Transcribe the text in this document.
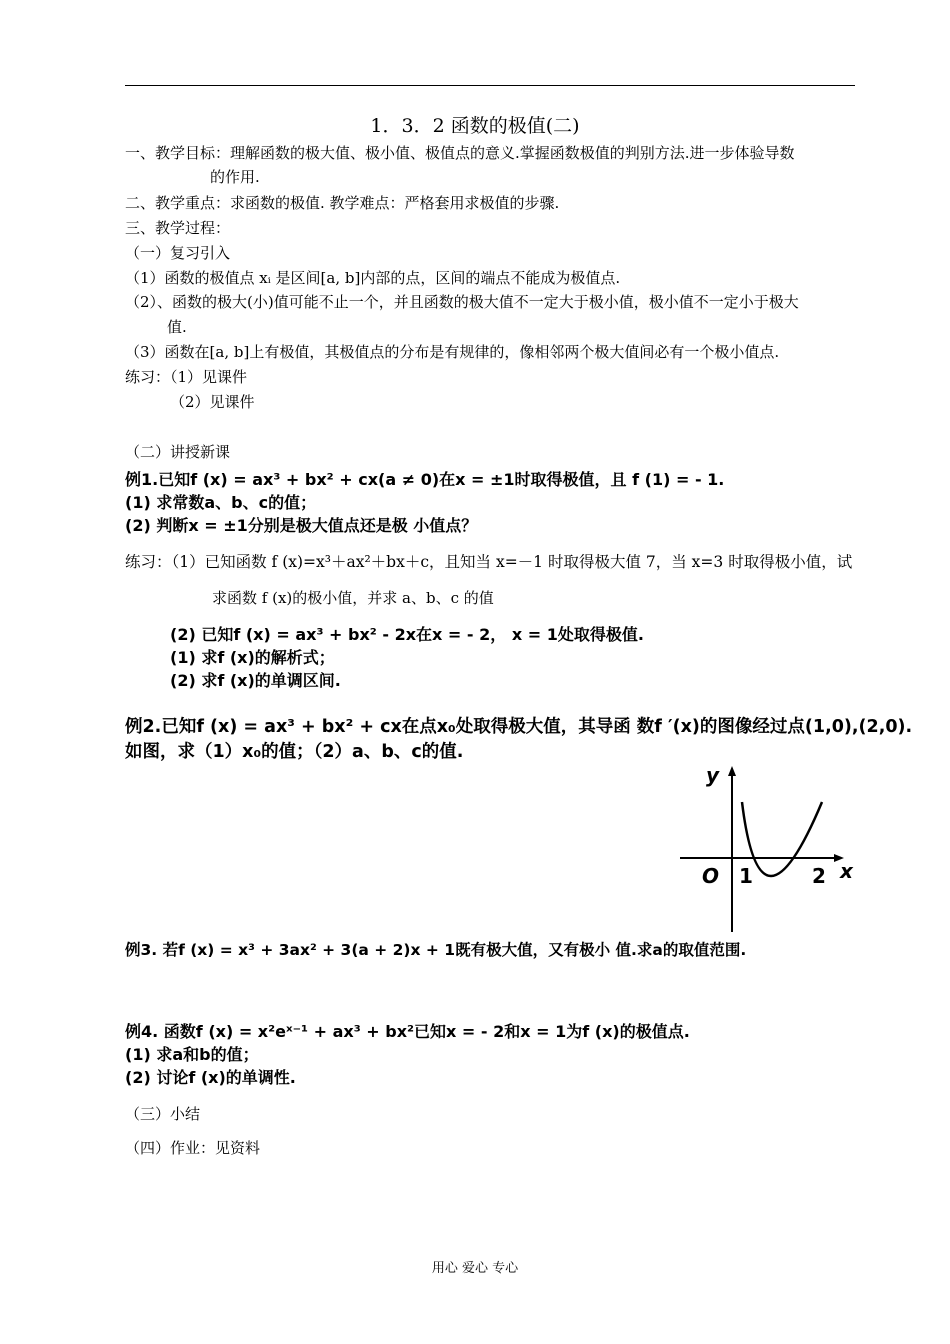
1．3．2 函数的极值(二)
一、教学目标：理解函数的极大值、极小值、极值点的意义.掌握函数极值的判别方法.进一步体验导数
的作用.
二、教学重点：求函数的极值. 教学难点：严格套用求极值的步骤.
三、教学过程：
（一）复习引入
（1）函数的极值点 xᵢ 是区间[a, b]内部的点，区间的端点不能成为极值点.
（2）、函数的极大(小)值可能不止一个，并且函数的极大值不一定大于极小值，极小值不一定小于极大
值.
（3）函数在[a, b]上有极值，其极值点的分布是有规律的，像相邻两个极大值间必有一个极小值点.
练习：（1）见课件
（2）见课件
（二）讲授新课
例1.已知f (x) = ax³ + bx² + cx(a ≠ 0)在x = ±1时取得极值，且 f (1) = - 1.
(1) 求常数a、b、c的值；
(2) 判断x = ±1分别是极大值点还是极 小值点？
练习：（1）已知函数 f (x)=x³＋ax²＋bx＋c，且知当 x=－1 时取得极大值 7，当 x=3 时取得极小值，试
求函数 f (x)的极小值，并求 a、b、c 的值
(2) 已知f (x) = ax³ + bx² - 2x在x = - 2， x = 1处取得极值.
(1) 求f (x)的解析式；
(2) 求f (x)的单调区间.
例2.已知f (x) = ax³ + bx² + cx在点x₀处取得极大值，其导函 数f ′(x)的图像经过点(1,0),(2,0).
如图，求（1）x₀的值；（2）a、b、c的值.
y
x
O 1	2
例3. 若f (x) = x³ + 3ax² + 3(a + 2)x + 1既有极大值，又有极小 值.求a的取值范围.
例4. 函数f (x) = x²eˣ⁻¹ + ax³ + bx²已知x = - 2和x = 1为f (x)的极值点.
(1) 求a和b的值；
(2) 讨论f (x)的单调性.
（三）小结
（四）作业：见资料
用心 爱心 专心
